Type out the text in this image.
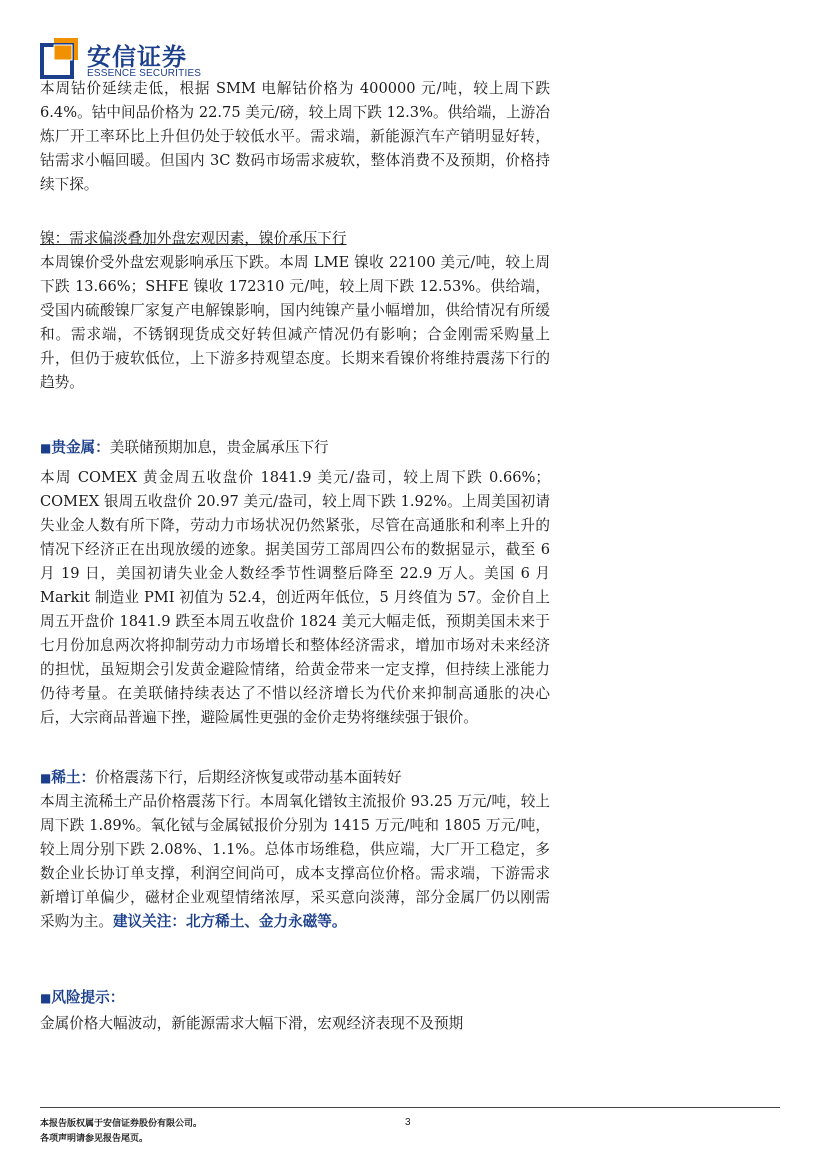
安信证券
ESSENCE SECURITIES

本周钴价延续走低，根据 SMM 电解钴价格为 400000 元/吨，较上周下跌 6.4%。钴中间品价格为 22.75 美元/磅，较上周下跌 12.3%。供给端，上游冶炼厂开工率环比上升但仍处于较低水平。需求端，新能源汽车产销明显好转，钴需求小幅回暖。但国内 3C 数码市场需求疲软，整体消费不及预期，价格持续下探。

镍：需求偏淡叠加外盘宏观因素，镍价承压下行

本周镍价受外盘宏观影响承压下跌。本周 LME 镍收 22100 美元/吨，较上周下跌 13.66%；SHFE 镍收 172310 元/吨，较上周下跌 12.53%。供给端，受国内硫酸镍厂家复产电解镍影响，国内纯镍产量小幅增加，供给情况有所缓和。需求端，不锈钢现货成交好转但减产情况仍有影响；合金刚需采购量上升，但仍于疲软低位，上下游多持观望态度。长期来看镍价将维持震荡下行的趋势。

■贵金属：美联储预期加息，贵金属承压下行

本周 COMEX 黄金周五收盘价 1841.9 美元/盎司，较上周下跌 0.66%；COMEX 银周五收盘价 20.97 美元/盎司，较上周下跌 1.92%。上周美国初请失业金人数有所下降，劳动力市场状况仍然紧张，尽管在高通胀和利率上升的情况下经济正在出现放缓的迹象。据美国劳工部周四公布的数据显示，截至 6 月 19 日，美国初请失业金人数经季节性调整后降至 22.9 万人。美国 6 月 Markit 制造业 PMI 初值为 52.4，创近两年低位，5 月终值为 57。金价自上周五开盘价 1841.9 跌至本周五收盘价 1824 美元大幅走低，预期美国未来于七月份加息两次将抑制劳动力市场增长和整体经济需求，增加市场对未来经济的担忧，虽短期会引发黄金避险情绪，给黄金带来一定支撑，但持续上涨能力仍待考量。在美联储持续表达了不惜以经济增长为代价来抑制高通胀的决心后，大宗商品普遍下挫，避险属性更强的金价走势将继续强于银价。

■稀土：价格震荡下行，后期经济恢复或带动基本面转好

本周主流稀土产品价格震荡下行。本周氧化镨钕主流报价 93.25 万元/吨，较上周下跌 1.89%。氧化铽与金属铽报价分别为 1415 万元/吨和 1805 万元/吨，较上周分别下跌 2.08%、1.1%。总体市场维稳，供应端，大厂开工稳定，多数企业长协订单支撑，利润空间尚可，成本支撑高位价格。需求端，下游需求新增订单偏少，磁材企业观望情绪浓厚，采买意向淡薄，部分金属厂仍以刚需采购为主。建议关注：北方稀土、金力永磁等。

■风险提示：

金属价格大幅波动，新能源需求大幅下滑，宏观经济表现不及预期

本报告版权属于安信证券股份有限公司。
各项声明请参见报告尾页。
3
